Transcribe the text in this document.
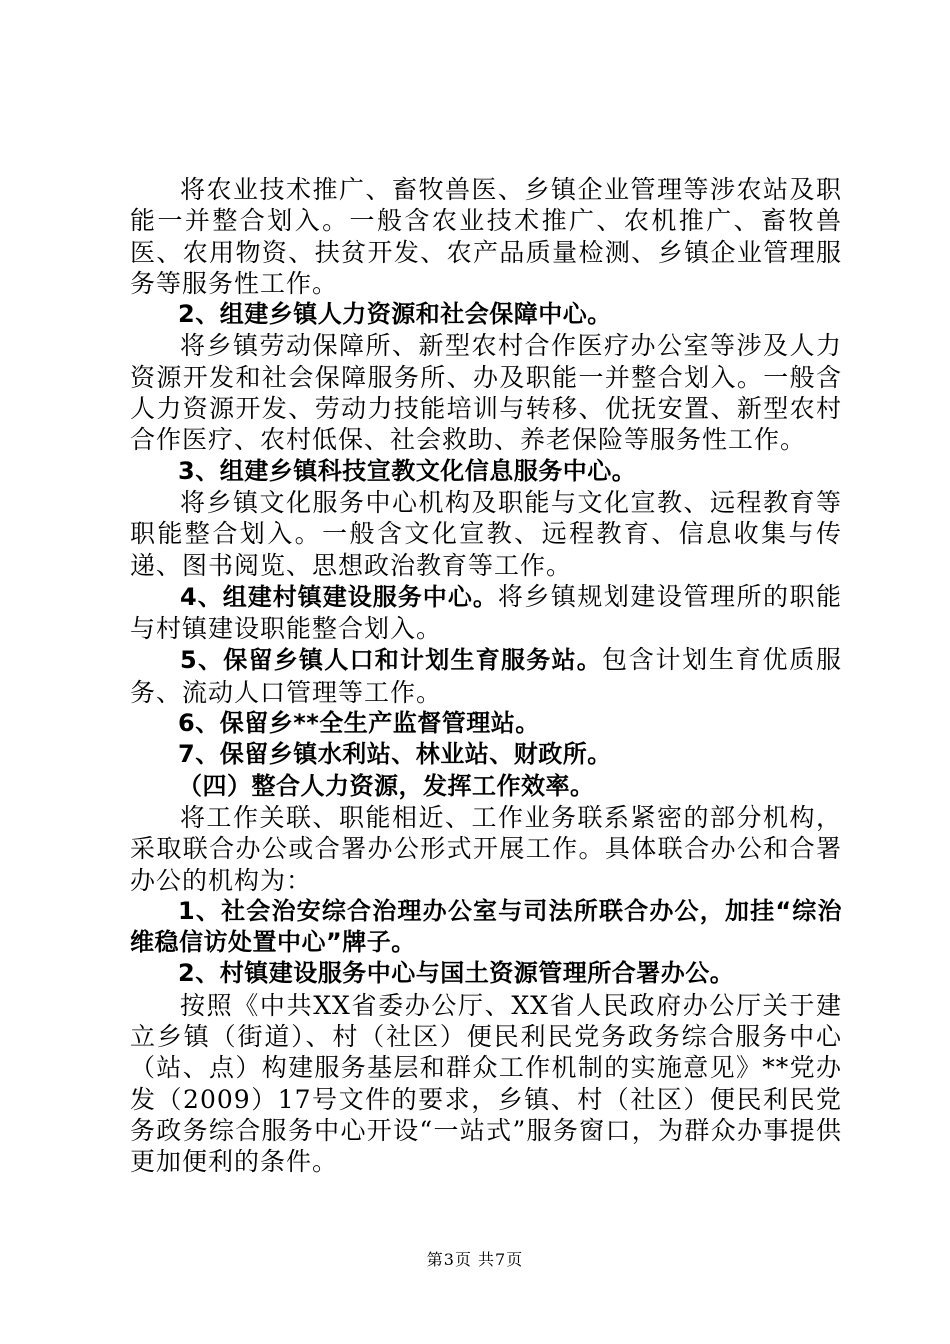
将农业技术推广、畜牧兽医、乡镇企业管理等涉农站及职能一并整合划入。一般含农业技术推广、农机推广、畜牧兽医、农用物资、扶贫开发、农产品质量检测、乡镇企业管理服务等服务性工作。

2、组建乡镇人力资源和社会保障中心。

将乡镇劳动保障所、新型农村合作医疗办公室等涉及人力资源开发和社会保障服务所、办及职能一并整合划入。一般含人力资源开发、劳动力技能培训与转移、优抚安置、新型农村合作医疗、农村低保、社会救助、养老保险等服务性工作。

3、组建乡镇科技宣教文化信息服务中心。

将乡镇文化服务中心机构及职能与文化宣教、远程教育等职能整合划入。一般含文化宣教、远程教育、信息收集与传递、图书阅览、思想政治教育等工作。

4、组建村镇建设服务中心。将乡镇规划建设管理所的职能与村镇建设职能整合划入。

5、保留乡镇人口和计划生育服务站。包含计划生育优质服务、流动人口管理等工作。

6、保留乡**全生产监督管理站。

7、保留乡镇水利站、林业站、财政所。

（四）整合人力资源，发挥工作效率。

将工作关联、职能相近、工作业务联系紧密的部分机构，采取联合办公或合署办公形式开展工作。具体联合办公和合署办公的机构为：

1、社会治安综合治理办公室与司法所联合办公，加挂“综治维稳信访处置中心”牌子。

2、村镇建设服务中心与国土资源管理所合署办公。

按照《中共XX省委办公厅、XX省人民政府办公厅关于建立乡镇（街道）、村（社区）便民利民党务政务综合服务中心（站、点）构建服务基层和群众工作机制的实施意见》**党办发（2009）17号文件的要求，乡镇、村（社区）便民利民党务政务综合服务中心开设“一站式”服务窗口，为群众办事提供更加便利的条件。

第3页 共7页
